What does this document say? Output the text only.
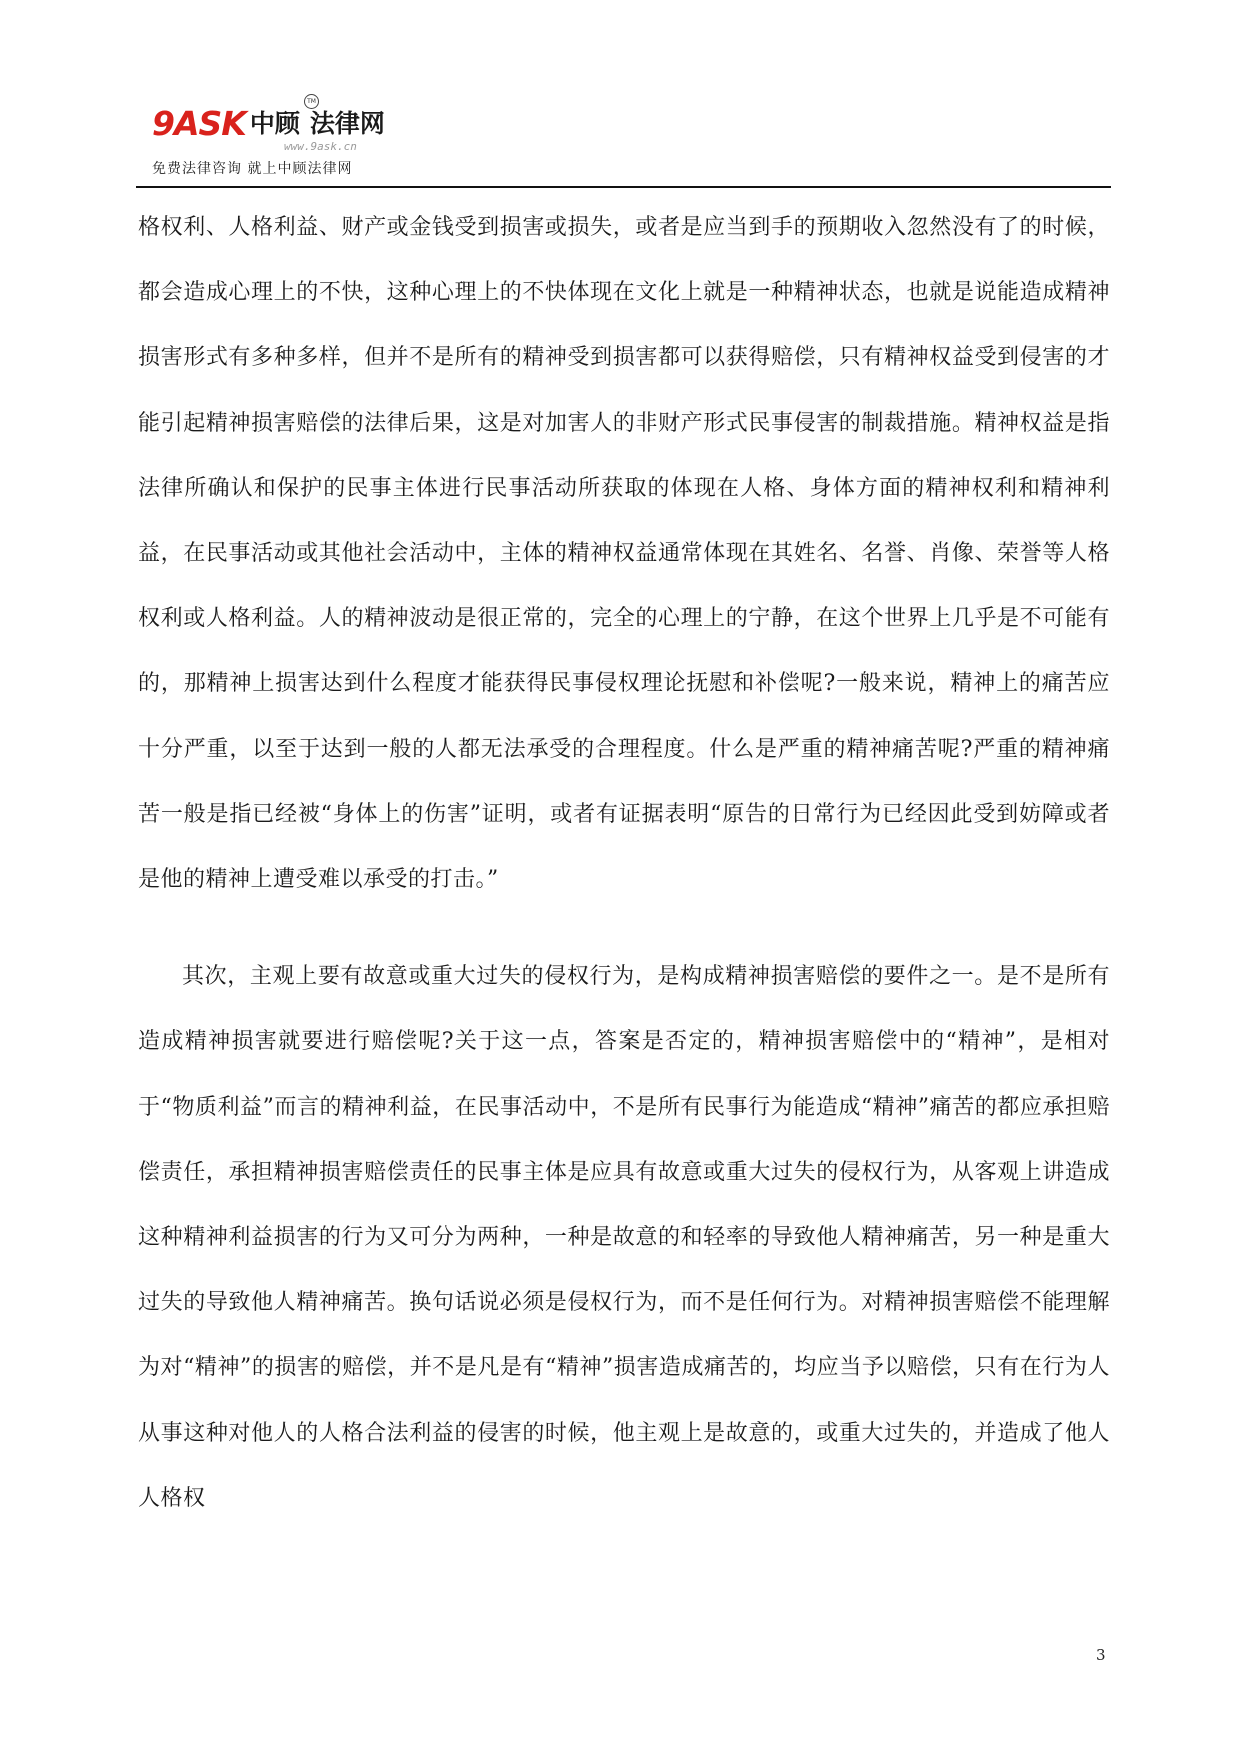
9ASK 中顾 法律网
TM
www.9ask.cn
免费法律咨询 就上中顾法律网

格权利、人格利益、财产或金钱受到损害或损失，或者是应当到手的预期收入忽然没有了的时候，都会造成心理上的不快，这种心理上的不快体现在文化上就是一种精神状态，也就是说能造成精神损害形式有多种多样，但并不是所有的精神受到损害都可以获得赔偿，只有精神权益受到侵害的才能引起精神损害赔偿的法律后果，这是对加害人的非财产形式民事侵害的制裁措施。精神权益是指法律所确认和保护的民事主体进行民事活动所获取的体现在人格、身体方面的精神权利和精神利益，在民事活动或其他社会活动中，主体的精神权益通常体现在其姓名、名誉、肖像、荣誉等人格权利或人格利益。人的精神波动是很正常的，完全的心理上的宁静，在这个世界上几乎是不可能有的，那精神上损害达到什么程度才能获得民事侵权理论抚慰和补偿呢?一般来说，精神上的痛苦应十分严重，以至于达到一般的人都无法承受的合理程度。什么是严重的精神痛苦呢?严重的精神痛苦一般是指已经被“身体上的伤害”证明，或者有证据表明“原告的日常行为已经因此受到妨障或者是他的精神上遭受难以承受的打击。”

其次，主观上要有故意或重大过失的侵权行为，是构成精神损害赔偿的要件之一。是不是所有造成精神损害就要进行赔偿呢?关于这一点，答案是否定的，精神损害赔偿中的“精神”，是相对于“物质利益”而言的精神利益，在民事活动中，不是所有民事行为能造成“精神”痛苦的都应承担赔偿责任，承担精神损害赔偿责任的民事主体是应具有故意或重大过失的侵权行为，从客观上讲造成这种精神利益损害的行为又可分为两种，一种是故意的和轻率的导致他人精神痛苦，另一种是重大过失的导致他人精神痛苦。换句话说必须是侵权行为，而不是任何行为。对精神损害赔偿不能理解为对“精神”的损害的赔偿，并不是凡是有“精神”损害造成痛苦的，均应当予以赔偿，只有在行为人从事这种对他人的人格合法利益的侵害的时候，他主观上是故意的，或重大过失的，并造成了他人人格权

3
